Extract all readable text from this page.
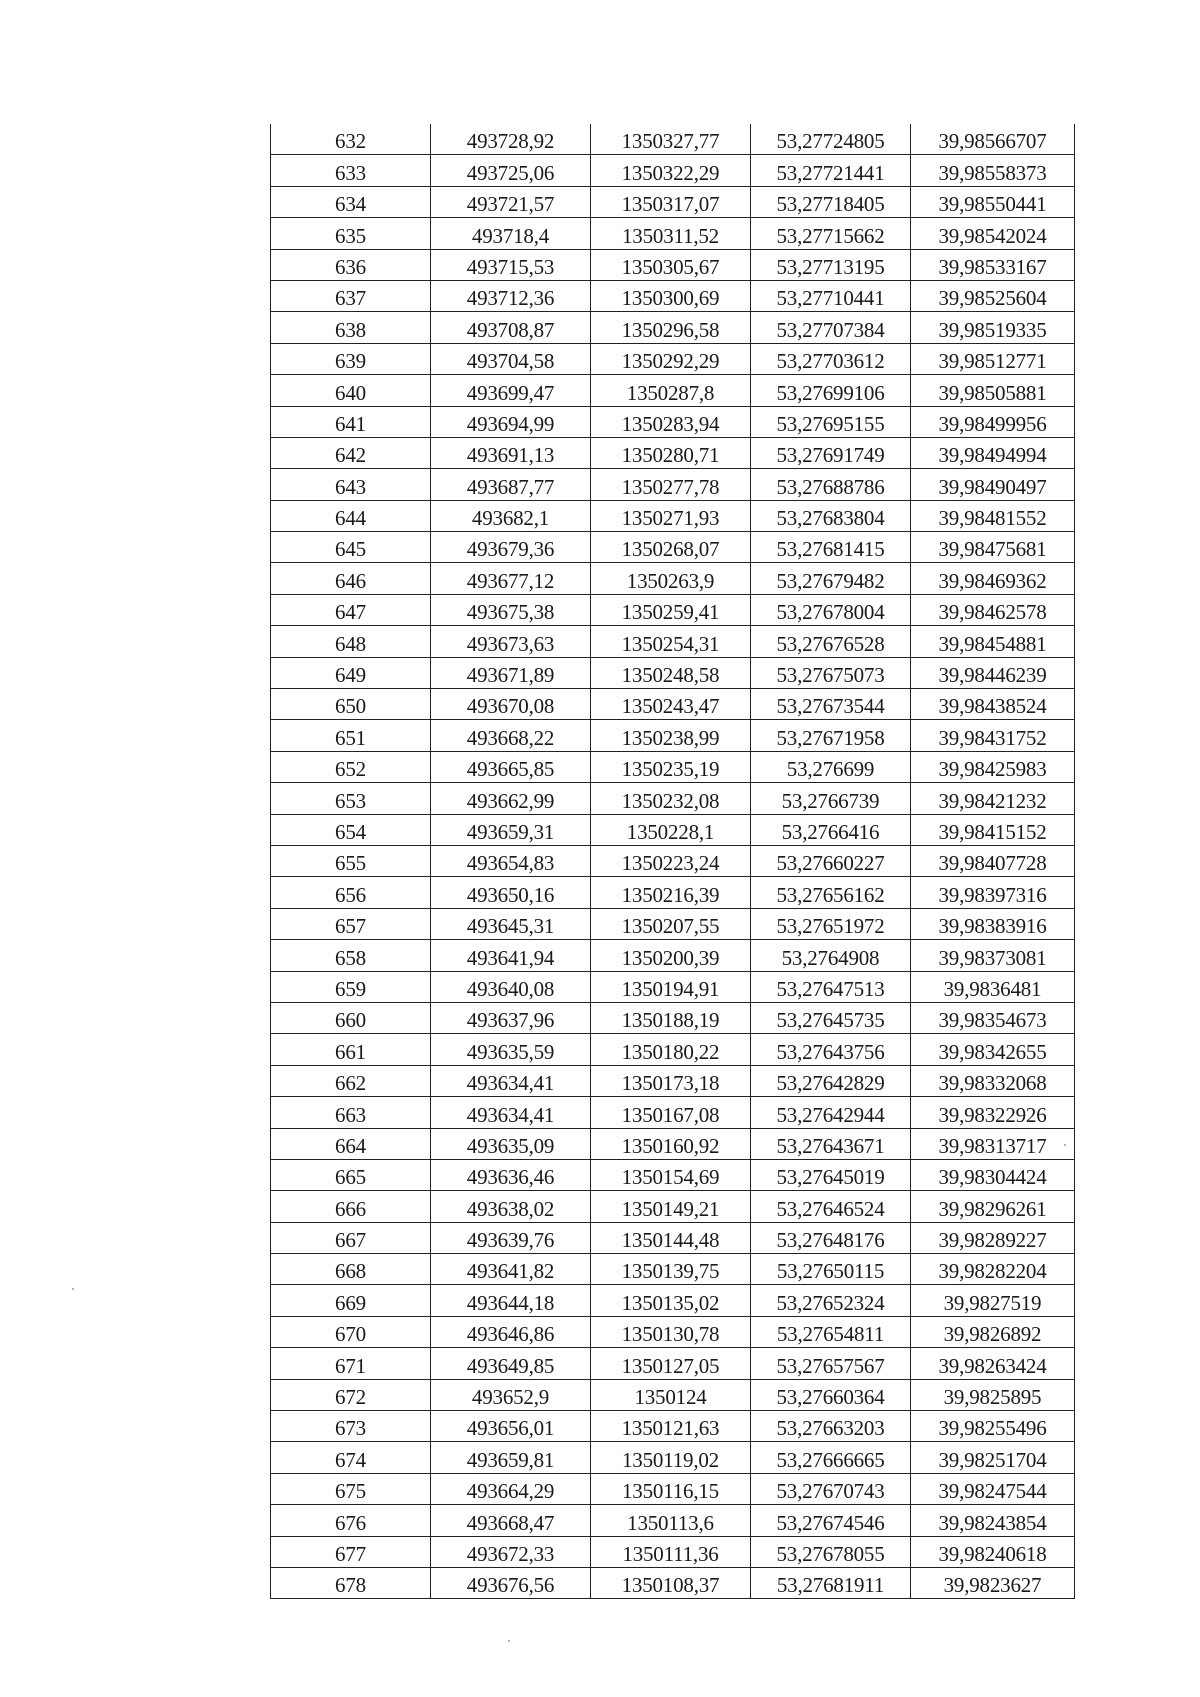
632	493728,92	1350327,77	53,27724805	39,98566707
633	493725,06	1350322,29	53,27721441	39,98558373
634	493721,57	1350317,07	53,27718405	39,98550441
635	493718,4	1350311,52	53,27715662	39,98542024
636	493715,53	1350305,67	53,27713195	39,98533167
637	493712,36	1350300,69	53,27710441	39,98525604
638	493708,87	1350296,58	53,27707384	39,98519335
639	493704,58	1350292,29	53,27703612	39,98512771
640	493699,47	1350287,8	53,27699106	39,98505881
641	493694,99	1350283,94	53,27695155	39,98499956
642	493691,13	1350280,71	53,27691749	39,98494994
643	493687,77	1350277,78	53,27688786	39,98490497
644	493682,1	1350271,93	53,27683804	39,98481552
645	493679,36	1350268,07	53,27681415	39,98475681
646	493677,12	1350263,9	53,27679482	39,98469362
647	493675,38	1350259,41	53,27678004	39,98462578
648	493673,63	1350254,31	53,27676528	39,98454881
649	493671,89	1350248,58	53,27675073	39,98446239
650	493670,08	1350243,47	53,27673544	39,98438524
651	493668,22	1350238,99	53,27671958	39,98431752
652	493665,85	1350235,19	53,276699	39,98425983
653	493662,99	1350232,08	53,2766739	39,98421232
654	493659,31	1350228,1	53,2766416	39,98415152
655	493654,83	1350223,24	53,27660227	39,98407728
656	493650,16	1350216,39	53,27656162	39,98397316
657	493645,31	1350207,55	53,27651972	39,98383916
658	493641,94	1350200,39	53,2764908	39,98373081
659	493640,08	1350194,91	53,27647513	39,9836481
660	493637,96	1350188,19	53,27645735	39,98354673
661	493635,59	1350180,22	53,27643756	39,98342655
662	493634,41	1350173,18	53,27642829	39,98332068
663	493634,41	1350167,08	53,27642944	39,98322926
664	493635,09	1350160,92	53,27643671	39,98313717
665	493636,46	1350154,69	53,27645019	39,98304424
666	493638,02	1350149,21	53,27646524	39,98296261
667	493639,76	1350144,48	53,27648176	39,98289227
668	493641,82	1350139,75	53,27650115	39,98282204
669	493644,18	1350135,02	53,27652324	39,9827519
670	493646,86	1350130,78	53,27654811	39,9826892
671	493649,85	1350127,05	53,27657567	39,98263424
672	493652,9	1350124	53,27660364	39,9825895
673	493656,01	1350121,63	53,27663203	39,98255496
674	493659,81	1350119,02	53,27666665	39,98251704
675	493664,29	1350116,15	53,27670743	39,98247544
676	493668,47	1350113,6	53,27674546	39,98243854
677	493672,33	1350111,36	53,27678055	39,98240618
678	493676,56	1350108,37	53,27681911	39,9823627
